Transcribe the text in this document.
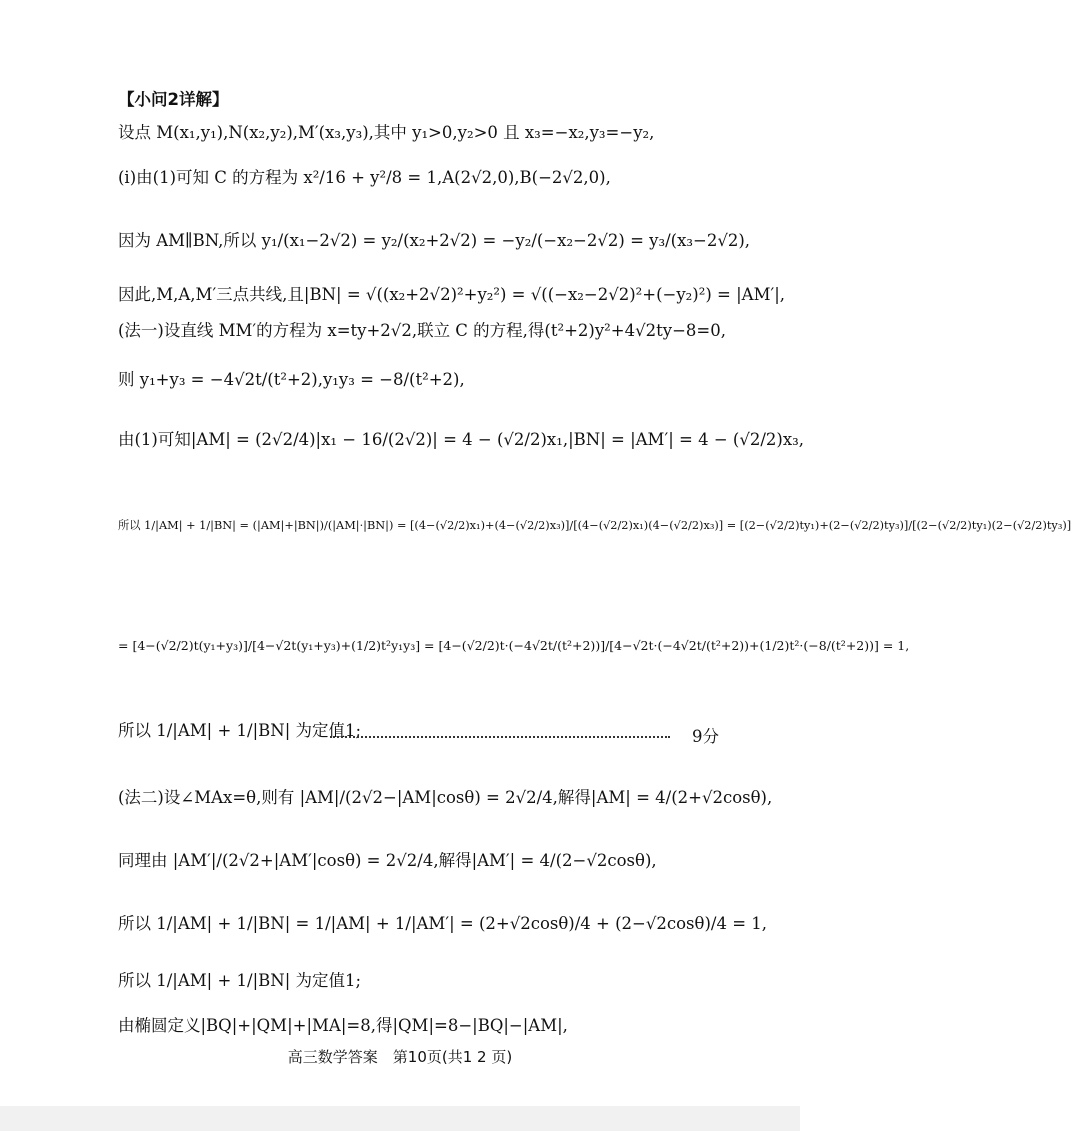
【小问2详解】
设点 M(x₁,y₁),N(x₂,y₂),M′(x₃,y₃),其中 y₁>0,y₂>0 且 x₃=−x₂,y₃=−y₂,
(ⅰ)由(1)可知 C 的方程为 x²/16 + y²/8 = 1,A(2√2,0),B(−2√2,0),
因为 AM∥BN,所以 y₁/(x₁−2√2) = y₂/(x₂+2√2) = −y₂/(−x₂−2√2) = y₃/(x₃−2√2),
因此,M,A,M′三点共线,且|BN| = √((x₂+2√2)²+y₂²) = √((−x₂−2√2)²+(−y₂)²) = |AM′|,
(法一)设直线 MM′的方程为 x=ty+2√2,联立 C 的方程,得(t²+2)y²+4√2ty−8=0,
则 y₁+y₃ = −4√2t/(t²+2),y₁y₃ = −8/(t²+2),
由(1)可知|AM| = (2√2/4)|x₁ − 16/(2√2)| = 4 − (√2/2)x₁,|BN| = |AM′| = 4 − (√2/2)x₃,
所以 1/|AM| + 1/|BN| = (|AM|+|BN|)/(|AM|·|BN|) = [(4−(√2/2)x₁)+(4−(√2/2)x₃)]/[(4−(√2/2)x₁)(4−(√2/2)x₃)] = [(2−(√2/2)ty₁)+(2−(√2/2)ty₃)]/[(2−(√2/2)ty₁)(2−(√2/2)ty₃)]
= [4−(√2/2)t(y₁+y₃)]/[4−√2t(y₁+y₃)+(1/2)t²y₁y₃] = [4−(√2/2)t·(−4√2t/(t²+2))]/[4−√2t·(−4√2t/(t²+2))+(1/2)t²·(−8/(t²+2))] = 1,
所以 1/|AM| + 1/|BN| 为定值1;	9分
(法二)设∠MAx=θ,则有 |AM|/(2√2−|AM|cosθ) = 2√2/4,解得|AM| = 4/(2+√2cosθ),
同理由 |AM′|/(2√2+|AM′|cosθ) = 2√2/4,解得|AM′| = 4/(2−√2cosθ),
所以 1/|AM| + 1/|BN| = 1/|AM| + 1/|AM′| = (2+√2cosθ)/4 + (2−√2cosθ)/4 = 1,
所以 1/|AM| + 1/|BN| 为定值1;
由椭圆定义|BQ|+|QM|+|MA|=8,得|QM|=8−|BQ|−|AM|,
高三数学答案　第10页(共1 2 页)
